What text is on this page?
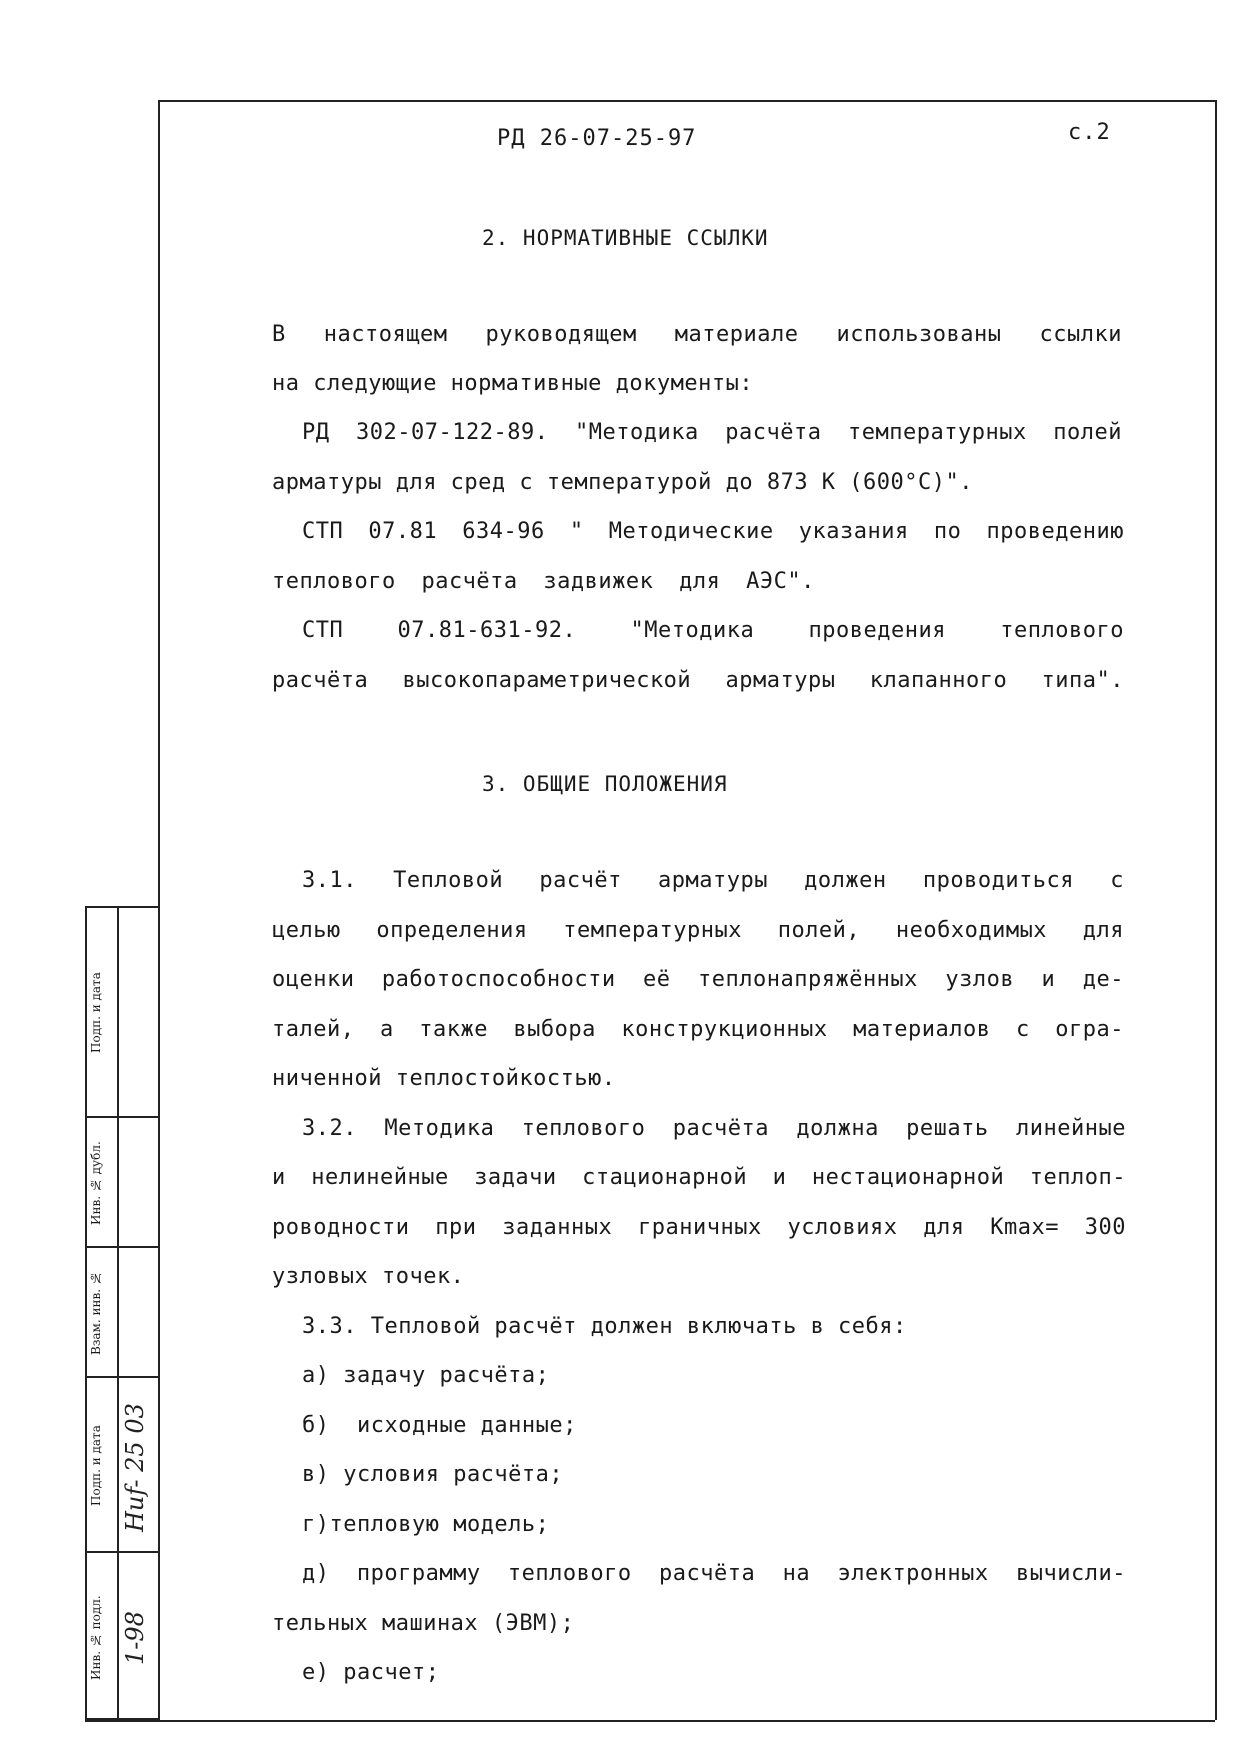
РД 26-07-25-97	с.2
2. НОРМАТИВНЫЕ ССЫЛКИ
В настоящем руководящем материале использованы ссылки
на следующие нормативные документы:
РД 302-07-122-89. "Методика расчёта температурных полей
арматуры для сред с температурой до 873 К (600°С)".
СТП 07.81 634-96 " Методические указания по проведению
теплового расчёта задвижек для АЭС".
СТП 07.81-631-92. "Методика проведения теплового
расчёта высокопараметрической арматуры клапанного типа".
3. ОБЩИЕ ПОЛОЖЕНИЯ
3.1. Тепловой расчёт арматуры должен проводиться с
целью определения температурных полей, необходимых для
оценки работоспособности её теплонапряжённых узлов и де-
талей, а также выбора конструкционных материалов с огра-
ниченной теплостойкостью.
3.2. Методика теплового расчёта должна решать линейные
и нелинейные задачи стационарной и нестационарной теплоп-
роводности при заданных граничных условиях для Kmax= 300
узловых точек.
3.3. Тепловой расчёт должен включать в себя:
а) задачу расчёта;
б)  исходные данные;
в) условия расчёта;
г)тепловую модель;
д) программу теплового расчёта на электронных вычисли-
тельных машинах (ЭВМ);
е) расчет;
Подп. и дата
Инв. № дубл.
Взам. инв. №
Подп. и дата
Инв. № подл.
Huf- 25 03
1-98
